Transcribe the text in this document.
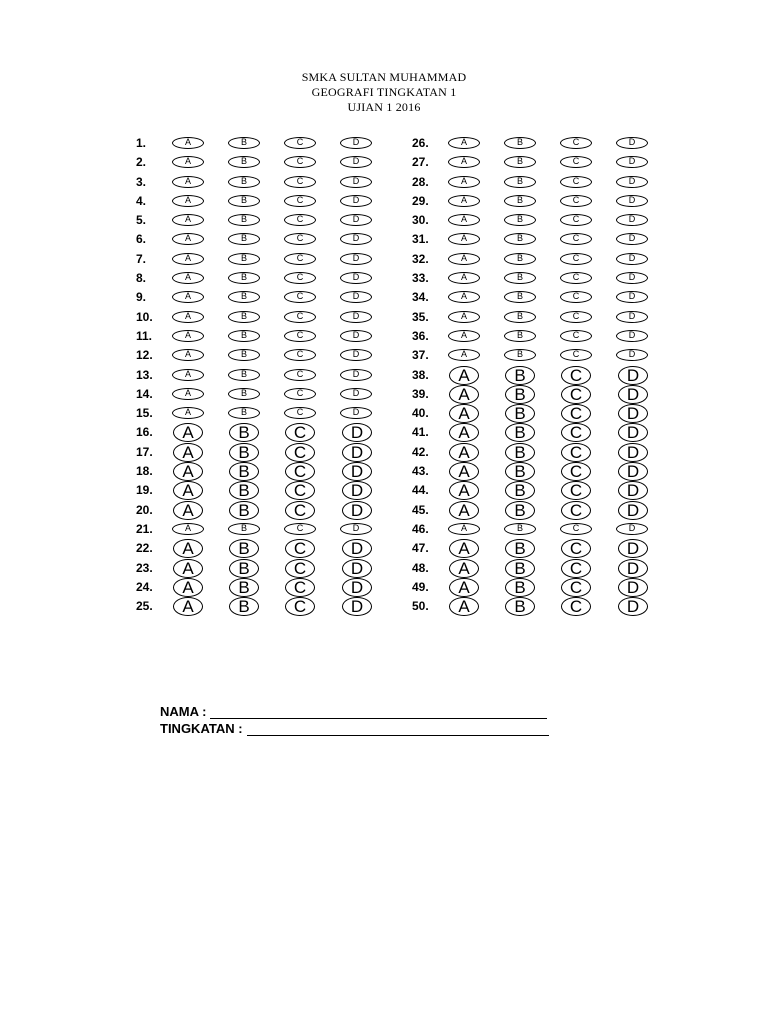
SMKA SULTAN MUHAMMAD
GEOGRAFI TINGKATAN 1
UJIAN 1 2016
1.	A	B	C	D
2.	A	B	C	D
3.	A	B	C	D
4.	A	B	C	D
5.	A	B	C	D
6.	A	B	C	D
7.	A	B	C	D
8.	A	B	C	D
9.	A	B	C	D
10.	A	B	C	D
11.	A	B	C	D
12.	A	B	C	D
13.	A	B	C	D
14.	A	B	C	D
15.	A	B	C	D
16.	A	B	C	D
17.	A	B	C	D
18.	A	B	C	D
19.	A	B	C	D
20.	A	B	C	D
21.	A	B	C	D
22.	A	B	C	D
23.	A	B	C	D
24.	A	B	C	D
25.	A	B	C	D
26.	A	B	C	D
27.	A	B	C	D
28.	A	B	C	D
29.	A	B	C	D
30.	A	B	C	D
31.	A	B	C	D
32.	A	B	C	D
33.	A	B	C	D
34.	A	B	C	D
35.	A	B	C	D
36.	A	B	C	D
37.	A	B	C	D
38.	A	B	C	D
39.	A	B	C	D
40.	A	B	C	D
41.	A	B	C	D
42.	A	B	C	D
43.	A	B	C	D
44.	A	B	C	D
45.	A	B	C	D
46.	A	B	C	D
47.	A	B	C	D
48.	A	B	C	D
49.	A	B	C	D
50.	A	B	C	D
NAMA :
TINGKATAN :
